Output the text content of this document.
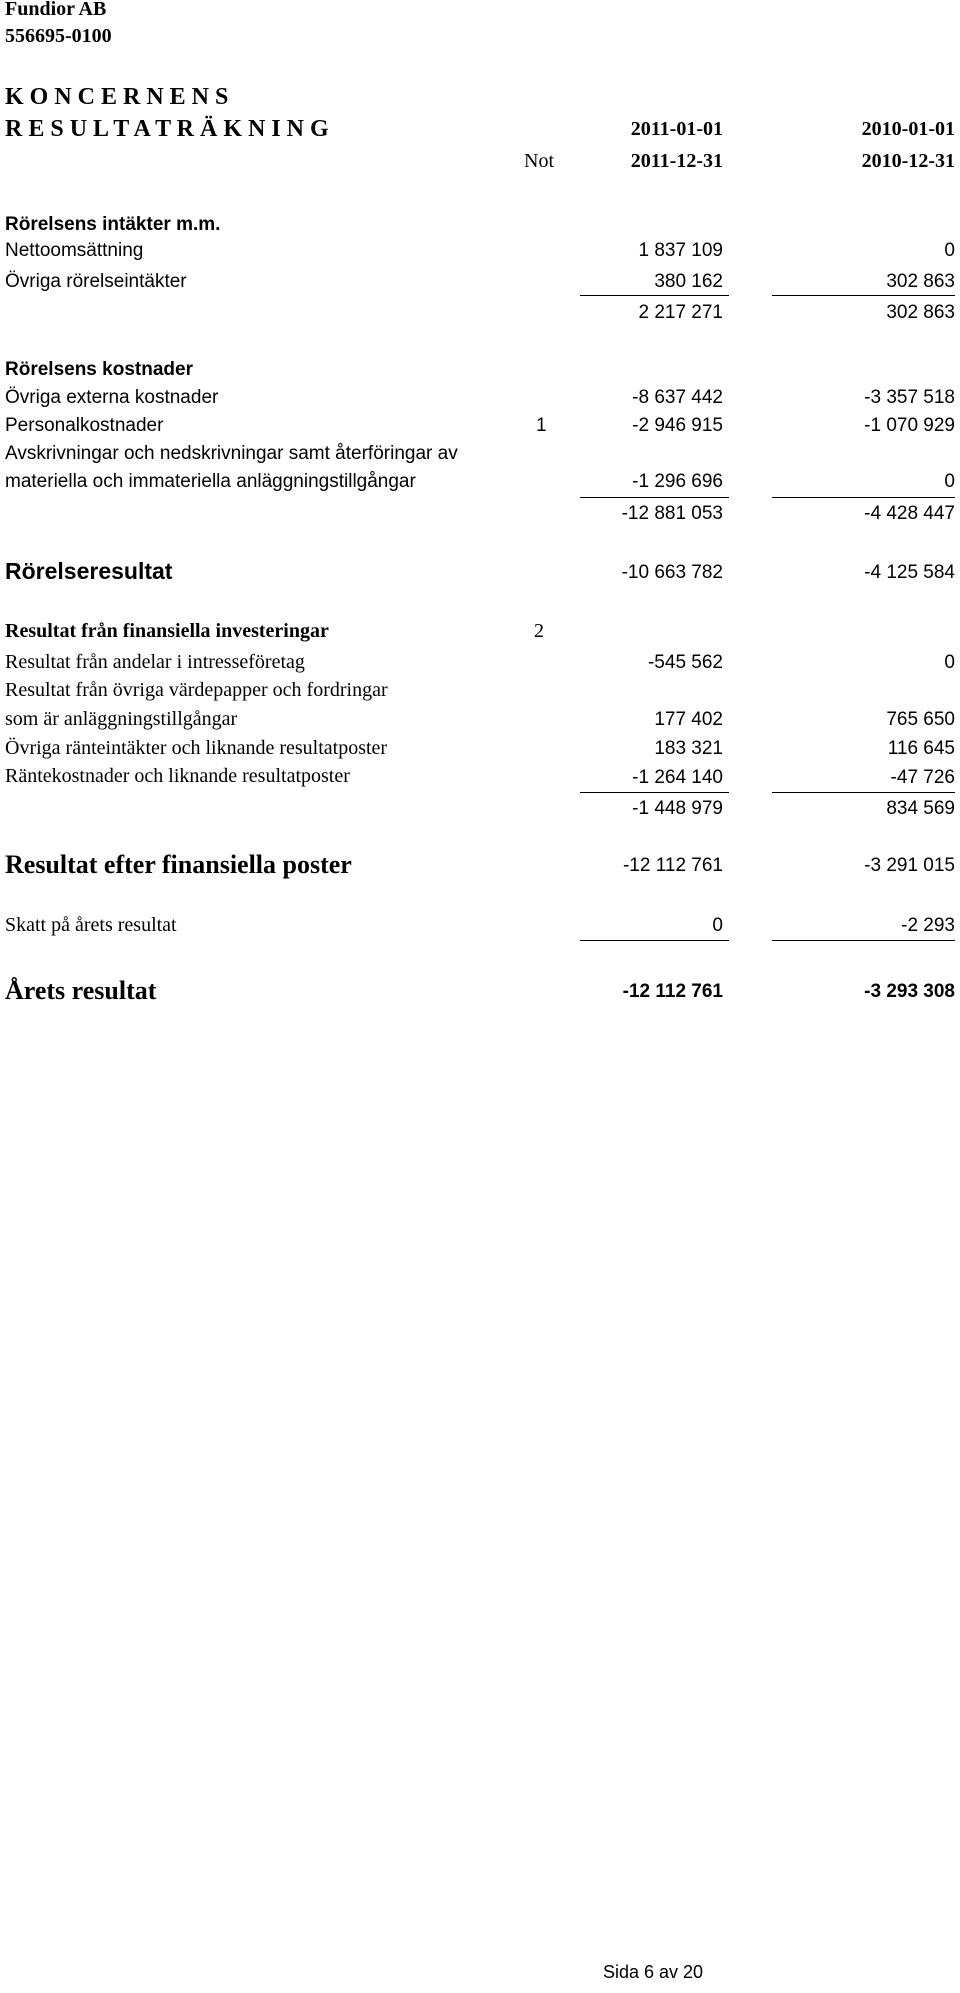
Fundior AB
556695-0100
K O N C E R N E N S
R E S U L T A T R Ä K N I N G	2011-01-01	2010-01-01
Not	2011-12-31	2010-12-31
Rörelsens intäkter m.m.
Nettoomsättning	1 837 109	0
Övriga rörelseintäkter	380 162	302 863
2 217 271	302 863
Rörelsens kostnader
Övriga externa kostnader	-8 637 442	-3 357 518
Personalkostnader	1	-2 946 915	-1 070 929
Avskrivningar och nedskrivningar samt återföringar av
materiella och immateriella anläggningstillgångar	-1 296 696	0
-12 881 053	-4 428 447
Rörelseresultat	-10 663 782	-4 125 584
Resultat från finansiella investeringar	2
Resultat från andelar i intresseföretag	-545 562	0
Resultat från övriga värdepapper och fordringar
som är anläggningstillgångar	177 402	765 650
Övriga ränteintäkter och liknande resultatposter	183 321	116 645
Räntekostnader och liknande resultatposter	-1 264 140	-47 726
-1 448 979	834 569
Resultat efter finansiella poster	-12 112 761	-3 291 015
Skatt på årets resultat	0	-2 293
Årets resultat	-12 112 761	-3 293 308
Sida 6 av 20
